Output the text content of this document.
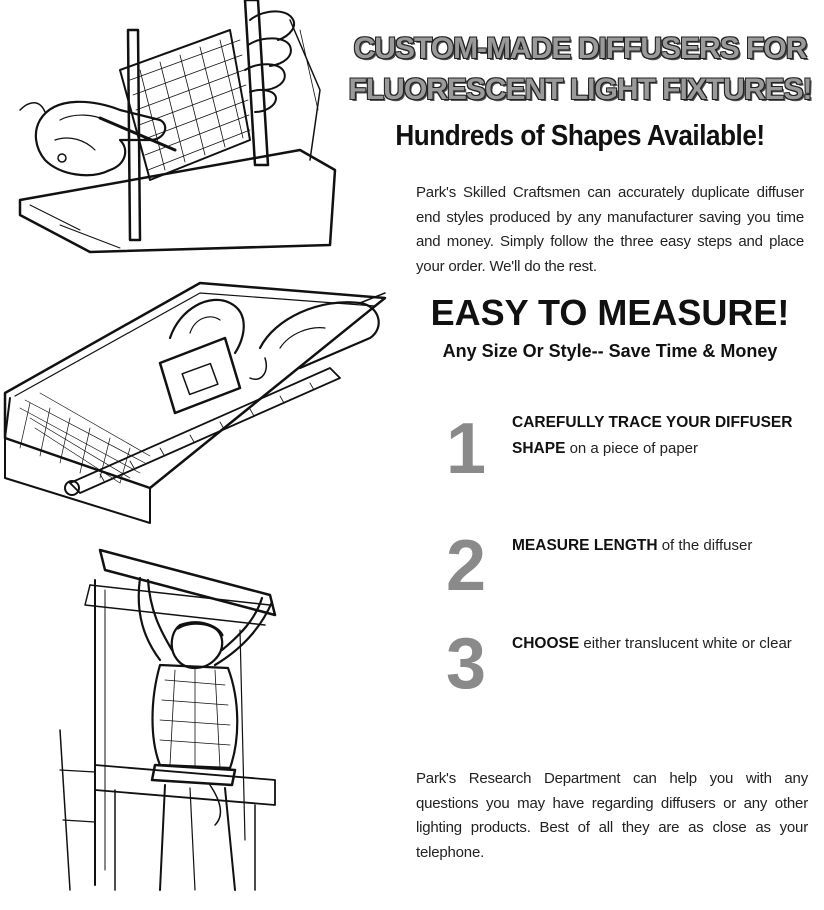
CUSTOM-MADE DIFFUSERS FOR
FLUORESCENT LIGHT FIXTURES!
Hundreds of Shapes Available!
Park's Skilled Craftsmen can accurately duplicate diffuser end styles produced by any manufacturer saving you time and money. Simply follow the three easy steps and place your order. We'll do the rest.
EASY TO MEASURE!
Any Size Or Style-- Save Time & Money
1	CAREFULLY TRACE YOUR DIFFUSER SHAPE on a piece of paper
2	MEASURE LENGTH of the diffuser
3	CHOOSE either translucent white or clear
Park's Research Department can help you with any questions you may have regarding diffusers or any other lighting products. Best of all they are as close as your telephone.
